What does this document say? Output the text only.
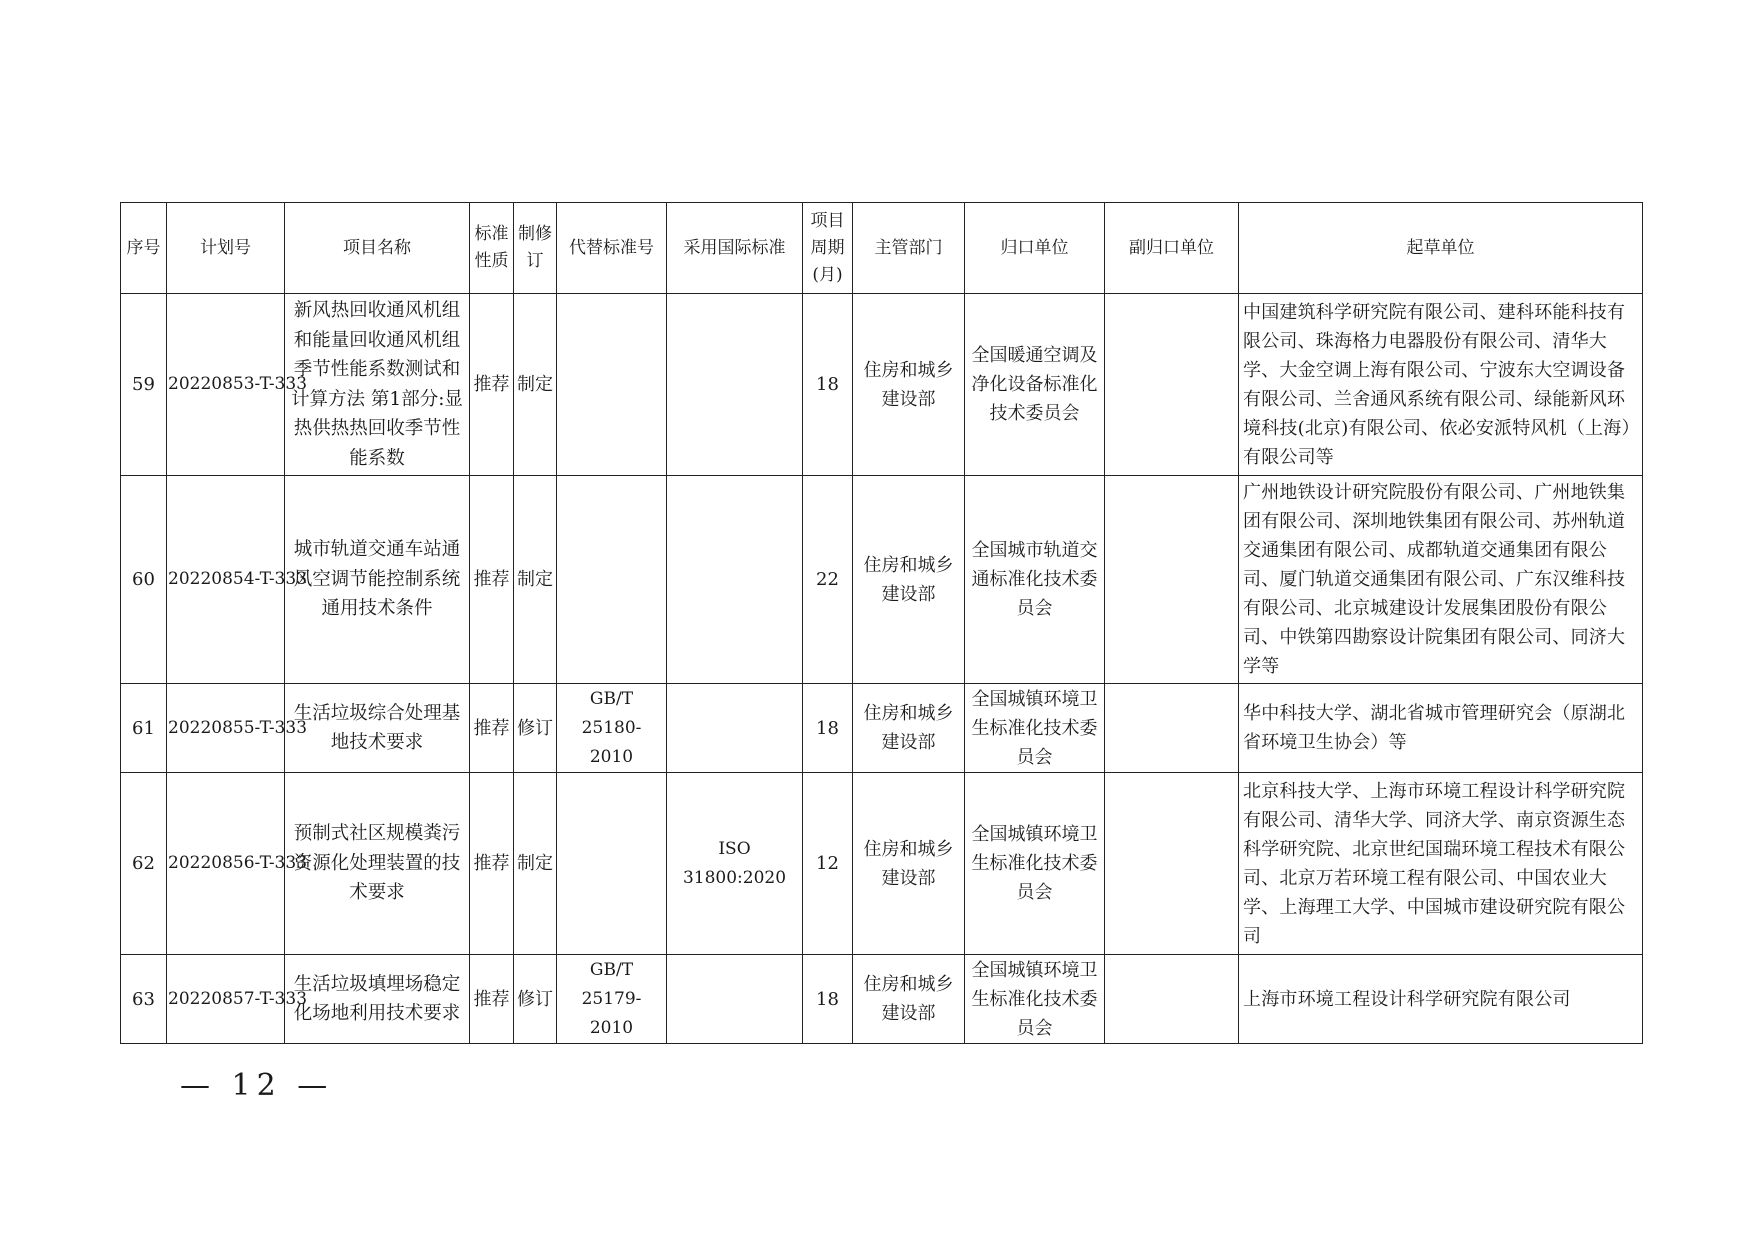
序号	计划号	项目名称	标准性质	制修订	代替标准号	采用国际标准	项目周期(月)	主管部门	归口单位	副归口单位	起草单位
59	20220853-T-333	新风热回收通风机组和能量回收通风机组季节性能系数测试和计算方法 第1部分:显热供热热回收季节性能系数	推荐	制定			18	住房和城乡建设部	全国暖通空调及净化设备标准化技术委员会		中国建筑科学研究院有限公司、建科环能科技有限公司、珠海格力电器股份有限公司、清华大学、大金空调上海有限公司、宁波东大空调设备有限公司、兰舍通风系统有限公司、绿能新风环境科技(北京)有限公司、依必安派特风机（上海）有限公司等
60	20220854-T-333	城市轨道交通车站通风空调节能控制系统通用技术条件	推荐	制定			22	住房和城乡建设部	全国城市轨道交通标准化技术委员会		广州地铁设计研究院股份有限公司、广州地铁集团有限公司、深圳地铁集团有限公司、苏州轨道交通集团有限公司、成都轨道交通集团有限公司、厦门轨道交通集团有限公司、广东汉维科技有限公司、北京城建设计发展集团股份有限公司、中铁第四勘察设计院集团有限公司、同济大学等
61	20220855-T-333	生活垃圾综合处理基地技术要求	推荐	修订	GB/T 25180-2010		18	住房和城乡建设部	全国城镇环境卫生标准化技术委员会		华中科技大学、湖北省城市管理研究会（原湖北省环境卫生协会）等
62	20220856-T-333	预制式社区规模粪污资源化处理装置的技术要求	推荐	制定		ISO 31800:2020	12	住房和城乡建设部	全国城镇环境卫生标准化技术委员会		北京科技大学、上海市环境工程设计科学研究院有限公司、清华大学、同济大学、南京资源生态科学研究院、北京世纪国瑞环境工程技术有限公司、北京万若环境工程有限公司、中国农业大学、上海理工大学、中国城市建设研究院有限公司
63	20220857-T-333	生活垃圾填埋场稳定化场地利用技术要求	推荐	修订	GB/T 25179-2010		18	住房和城乡建设部	全国城镇环境卫生标准化技术委员会		上海市环境工程设计科学研究院有限公司
— 12 —
